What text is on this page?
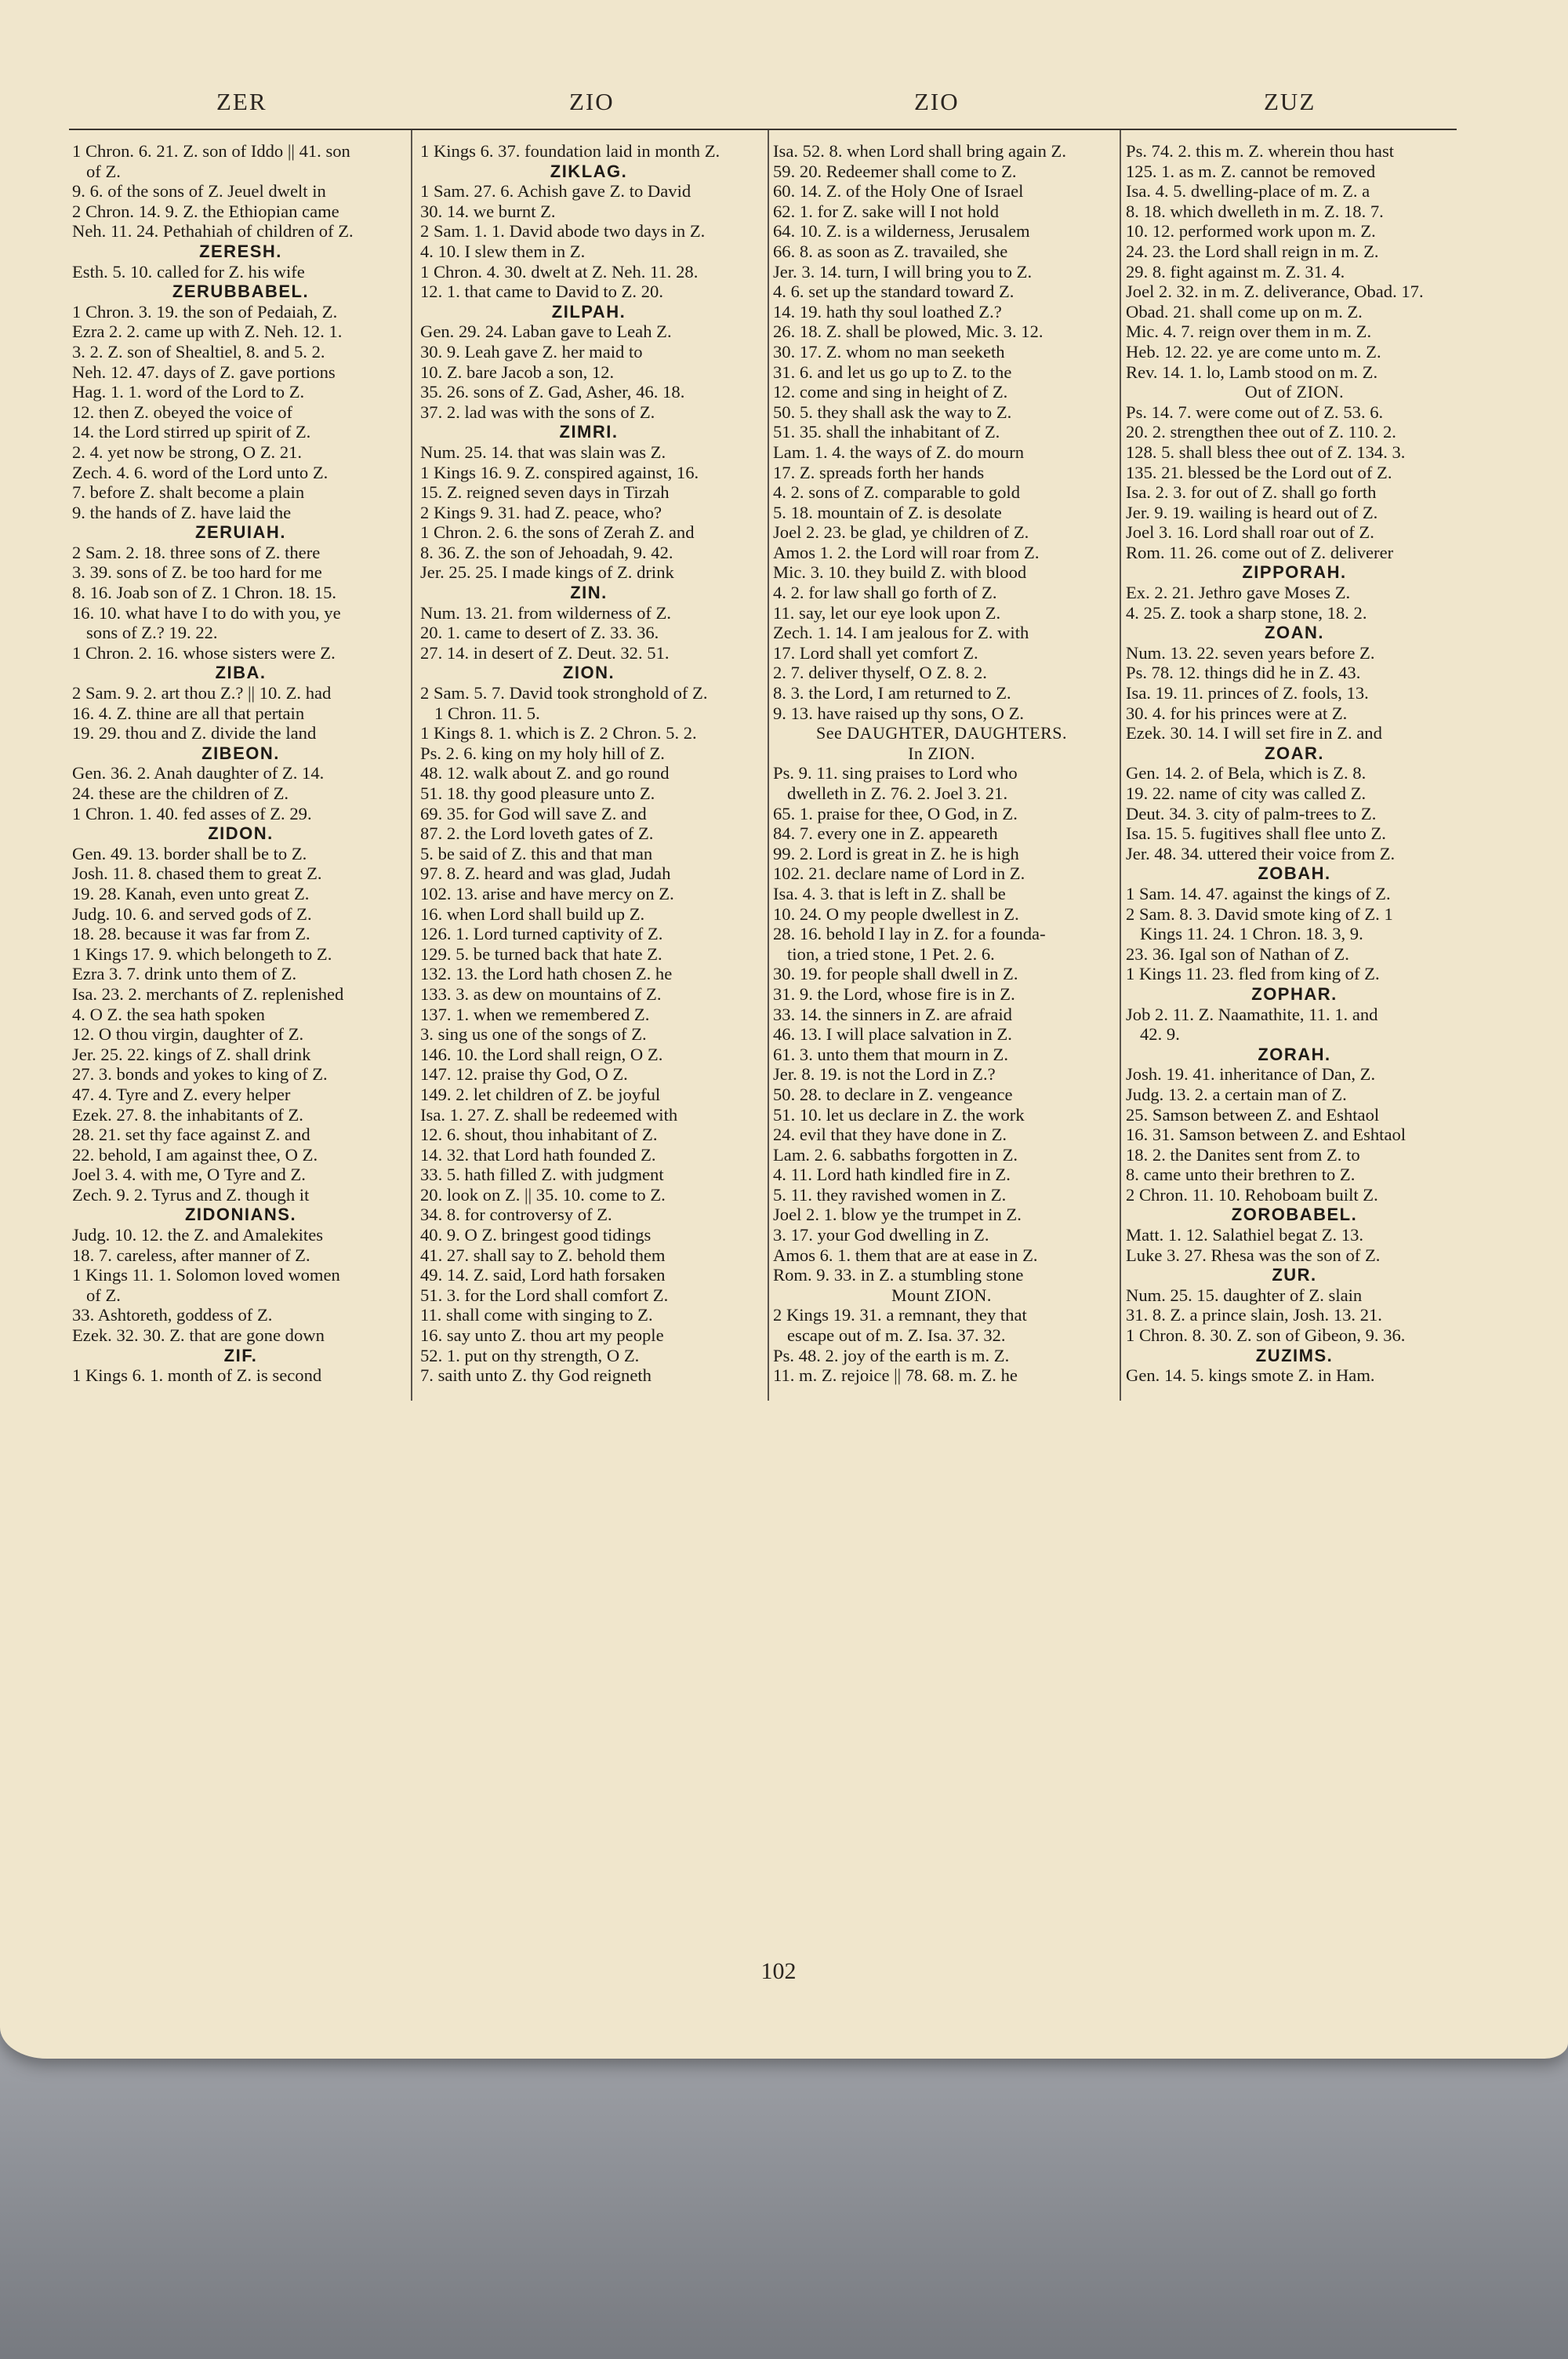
ZER	ZIO	ZIO	ZUZ
1 Chron. 6. 21. Z. son of Iddo || 41. son
of Z.
9. 6. of the sons of Z. Jeuel dwelt in
2 Chron. 14. 9. Z. the Ethiopian came
Neh. 11. 24. Pethahiah of children of Z.
ZERESH.
Esth. 5. 10. called for Z. his wife
ZERUBBABEL.
1 Chron. 3. 19. the son of Pedaiah, Z.
Ezra 2. 2. came up with Z. Neh. 12. 1.
3. 2. Z. son of Shealtiel, 8. and 5. 2.
Neh. 12. 47. days of Z. gave portions
Hag. 1. 1. word of the Lord to Z.
12. then Z. obeyed the voice of
14. the Lord stirred up spirit of Z.
2. 4. yet now be strong, O Z. 21.
Zech. 4. 6. word of the Lord unto Z.
7. before Z. shalt become a plain
9. the hands of Z. have laid the
ZERUIAH.
2 Sam. 2. 18. three sons of Z. there
3. 39. sons of Z. be too hard for me
8. 16. Joab son of Z. 1 Chron. 18. 15.
16. 10. what have I to do with you, ye
sons of Z.? 19. 22.
1 Chron. 2. 16. whose sisters were Z.
ZIBA.
2 Sam. 9. 2. art thou Z.? || 10. Z. had
16. 4. Z. thine are all that pertain
19. 29. thou and Z. divide the land
ZIBEON.
Gen. 36. 2. Anah daughter of Z. 14.
24. these are the children of Z.
1 Chron. 1. 40. fed asses of Z. 29.
ZIDON.
Gen. 49. 13. border shall be to Z.
Josh. 11. 8. chased them to great Z.
19. 28. Kanah, even unto great Z.
Judg. 10. 6. and served gods of Z.
18. 28. because it was far from Z.
1 Kings 17. 9. which belongeth to Z.
Ezra 3. 7. drink unto them of Z.
Isa. 23. 2. merchants of Z. replenished
4. O Z. the sea hath spoken
12. O thou virgin, daughter of Z.
Jer. 25. 22. kings of Z. shall drink
27. 3. bonds and yokes to king of Z.
47. 4. Tyre and Z. every helper
Ezek. 27. 8. the inhabitants of Z.
28. 21. set thy face against Z. and
22. behold, I am against thee, O Z.
Joel 3. 4. with me, O Tyre and Z.
Zech. 9. 2. Tyrus and Z. though it
ZIDONIANS.
Judg. 10. 12. the Z. and Amalekites
18. 7. careless, after manner of Z.
1 Kings 11. 1. Solomon loved women
of Z.
33. Ashtoreth, goddess of Z.
Ezek. 32. 30. Z. that are gone down
ZIF.
1 Kings 6. 1. month of Z. is second
1 Kings 6. 37. foundation laid in month Z.
ZIKLAG.
1 Sam. 27. 6. Achish gave Z. to David
30. 14. we burnt Z.
2 Sam. 1. 1. David abode two days in Z.
4. 10. I slew them in Z.
1 Chron. 4. 30. dwelt at Z. Neh. 11. 28.
12. 1. that came to David to Z. 20.
ZILPAH.
Gen. 29. 24. Laban gave to Leah Z.
30. 9. Leah gave Z. her maid to
10. Z. bare Jacob a son, 12.
35. 26. sons of Z. Gad, Asher, 46. 18.
37. 2. lad was with the sons of Z.
ZIMRI.
Num. 25. 14. that was slain was Z.
1 Kings 16. 9. Z. conspired against, 16.
15. Z. reigned seven days in Tirzah
2 Kings 9. 31. had Z. peace, who?
1 Chron. 2. 6. the sons of Zerah Z. and
8. 36. Z. the son of Jehoadah, 9. 42.
Jer. 25. 25. I made kings of Z. drink
ZIN.
Num. 13. 21. from wilderness of Z.
20. 1. came to desert of Z. 33. 36.
27. 14. in desert of Z. Deut. 32. 51.
ZION.
2 Sam. 5. 7. David took stronghold of Z.
1 Chron. 11. 5.
1 Kings 8. 1. which is Z. 2 Chron. 5. 2.
Ps. 2. 6. king on my holy hill of Z.
48. 12. walk about Z. and go round
51. 18. thy good pleasure unto Z.
69. 35. for God will save Z. and
87. 2. the Lord loveth gates of Z.
5. be said of Z. this and that man
97. 8. Z. heard and was glad, Judah
102. 13. arise and have mercy on Z.
16. when Lord shall build up Z.
126. 1. Lord turned captivity of Z.
129. 5. be turned back that hate Z.
132. 13. the Lord hath chosen Z. he
133. 3. as dew on mountains of Z.
137. 1. when we remembered Z.
3. sing us one of the songs of Z.
146. 10. the Lord shall reign, O Z.
147. 12. praise thy God, O Z.
149. 2. let children of Z. be joyful
Isa. 1. 27. Z. shall be redeemed with
12. 6. shout, thou inhabitant of Z.
14. 32. that Lord hath founded Z.
33. 5. hath filled Z. with judgment
20. look on Z. || 35. 10. come to Z.
34. 8. for controversy of Z.
40. 9. O Z. bringest good tidings
41. 27. shall say to Z. behold them
49. 14. Z. said, Lord hath forsaken
51. 3. for the Lord shall comfort Z.
11. shall come with singing to Z.
16. say unto Z. thou art my people
52. 1. put on thy strength, O Z.
7. saith unto Z. thy God reigneth
Isa. 52. 8. when Lord shall bring again Z.
59. 20. Redeemer shall come to Z.
60. 14. Z. of the Holy One of Israel
62. 1. for Z. sake will I not hold
64. 10. Z. is a wilderness, Jerusalem
66. 8. as soon as Z. travailed, she
Jer. 3. 14. turn, I will bring you to Z.
4. 6. set up the standard toward Z.
14. 19. hath thy soul loathed Z.?
26. 18. Z. shall be plowed, Mic. 3. 12.
30. 17. Z. whom no man seeketh
31. 6. and let us go up to Z. to the
12. come and sing in height of Z.
50. 5. they shall ask the way to Z.
51. 35. shall the inhabitant of Z.
Lam. 1. 4. the ways of Z. do mourn
17. Z. spreads forth her hands
4. 2. sons of Z. comparable to gold
5. 18. mountain of Z. is desolate
Joel 2. 23. be glad, ye children of Z.
Amos 1. 2. the Lord will roar from Z.
Mic. 3. 10. they build Z. with blood
4. 2. for law shall go forth of Z.
11. say, let our eye look upon Z.
Zech. 1. 14. I am jealous for Z. with
17. Lord shall yet comfort Z.
2. 7. deliver thyself, O Z. 8. 2.
8. 3. the Lord, I am returned to Z.
9. 13. have raised up thy sons, O Z.
See DAUGHTER, DAUGHTERS.
In ZION.
Ps. 9. 11. sing praises to Lord who
dwelleth in Z. 76. 2. Joel 3. 21.
65. 1. praise for thee, O God, in Z.
84. 7. every one in Z. appeareth
99. 2. Lord is great in Z. he is high
102. 21. declare name of Lord in Z.
Isa. 4. 3. that is left in Z. shall be
10. 24. O my people dwellest in Z.
28. 16. behold I lay in Z. for a founda-
tion, a tried stone, 1 Pet. 2. 6.
30. 19. for people shall dwell in Z.
31. 9. the Lord, whose fire is in Z.
33. 14. the sinners in Z. are afraid
46. 13. I will place salvation in Z.
61. 3. unto them that mourn in Z.
Jer. 8. 19. is not the Lord in Z.?
50. 28. to declare in Z. vengeance
51. 10. let us declare in Z. the work
24. evil that they have done in Z.
Lam. 2. 6. sabbaths forgotten in Z.
4. 11. Lord hath kindled fire in Z.
5. 11. they ravished women in Z.
Joel 2. 1. blow ye the trumpet in Z.
3. 17. your God dwelling in Z.
Amos 6. 1. them that are at ease in Z.
Rom. 9. 33. in Z. a stumbling stone
Mount ZION.
2 Kings 19. 31. a remnant, they that
escape out of m. Z. Isa. 37. 32.
Ps. 48. 2. joy of the earth is m. Z.
11. m. Z. rejoice || 78. 68. m. Z. he
Ps. 74. 2. this m. Z. wherein thou hast
125. 1. as m. Z. cannot be removed
Isa. 4. 5. dwelling-place of m. Z. a
8. 18. which dwelleth in m. Z. 18. 7.
10. 12. performed work upon m. Z.
24. 23. the Lord shall reign in m. Z.
29. 8. fight against m. Z. 31. 4.
Joel 2. 32. in m. Z. deliverance, Obad. 17.
Obad. 21. shall come up on m. Z.
Mic. 4. 7. reign over them in m. Z.
Heb. 12. 22. ye are come unto m. Z.
Rev. 14. 1. lo, Lamb stood on m. Z.
Out of ZION.
Ps. 14. 7. were come out of Z. 53. 6.
20. 2. strengthen thee out of Z. 110. 2.
128. 5. shall bless thee out of Z. 134. 3.
135. 21. blessed be the Lord out of Z.
Isa. 2. 3. for out of Z. shall go forth
Jer. 9. 19. wailing is heard out of Z.
Joel 3. 16. Lord shall roar out of Z.
Rom. 11. 26. come out of Z. deliverer
ZIPPORAH.
Ex. 2. 21. Jethro gave Moses Z.
4. 25. Z. took a sharp stone, 18. 2.
ZOAN.
Num. 13. 22. seven years before Z.
Ps. 78. 12. things did he in Z. 43.
Isa. 19. 11. princes of Z. fools, 13.
30. 4. for his princes were at Z.
Ezek. 30. 14. I will set fire in Z. and
ZOAR.
Gen. 14. 2. of Bela, which is Z. 8.
19. 22. name of city was called Z.
Deut. 34. 3. city of palm-trees to Z.
Isa. 15. 5. fugitives shall flee unto Z.
Jer. 48. 34. uttered their voice from Z.
ZOBAH.
1 Sam. 14. 47. against the kings of Z.
2 Sam. 8. 3. David smote king of Z. 1
Kings 11. 24. 1 Chron. 18. 3, 9.
23. 36. Igal son of Nathan of Z.
1 Kings 11. 23. fled from king of Z.
ZOPHAR.
Job 2. 11. Z. Naamathite, 11. 1. and
42. 9.
ZORAH.
Josh. 19. 41. inheritance of Dan, Z.
Judg. 13. 2. a certain man of Z.
25. Samson between Z. and Eshtaol
16. 31. Samson between Z. and Eshtaol
18. 2. the Danites sent from Z. to
8. came unto their brethren to Z.
2 Chron. 11. 10. Rehoboam built Z.
ZOROBABEL.
Matt. 1. 12. Salathiel begat Z. 13.
Luke 3. 27. Rhesa was the son of Z.
ZUR.
Num. 25. 15. daughter of Z. slain
31. 8. Z. a prince slain, Josh. 13. 21.
1 Chron. 8. 30. Z. son of Gibeon, 9. 36.
ZUZIMS.
Gen. 14. 5. kings smote Z. in Ham.
102
